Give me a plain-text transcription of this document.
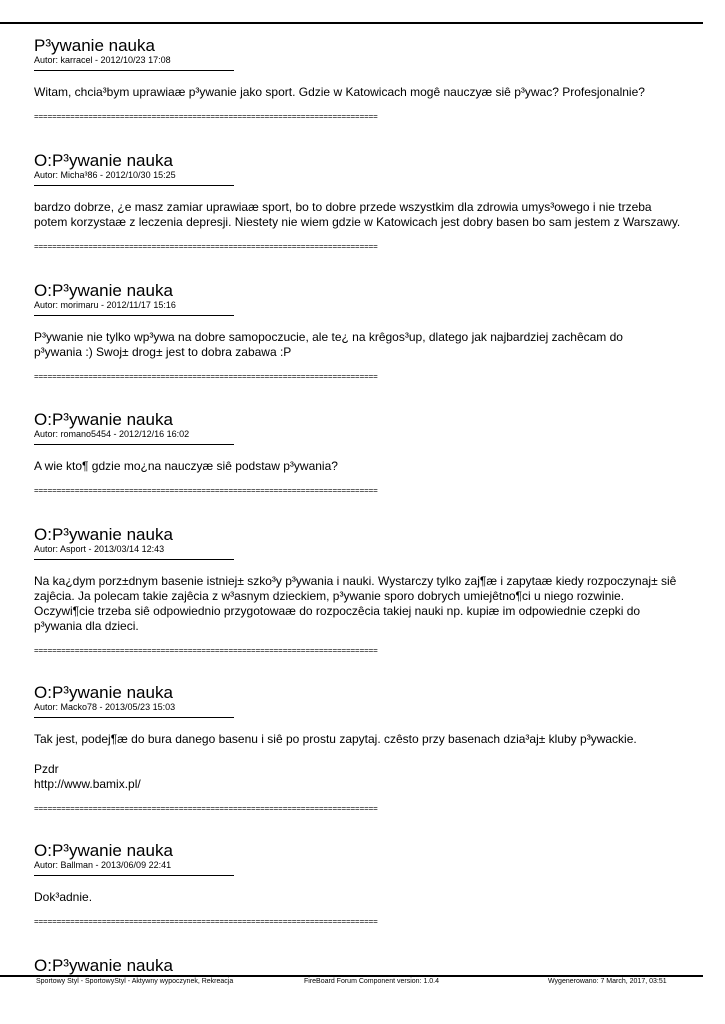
P³ywanie nauka
Autor: karracel - 2012/10/23 17:08
Witam, chcia³bym uprawiaæ p³ywanie jako sport. Gdzie w Katowicach mogê nauczyæ siê p³ywac? Profesjonalnie?
============================================================================
O:P³ywanie nauka
Autor: Micha³86 - 2012/10/30 15:25
bardzo dobrze, ¿e masz zamiar uprawiaæ sport, bo to dobre przede wszystkim dla zdrowia umys³owego i nie trzeba
potem korzystaæ z leczenia depresji. Niestety nie wiem gdzie w Katowicach jest dobry basen bo sam jestem z Warszawy.
============================================================================
O:P³ywanie nauka
Autor: morimaru - 2012/11/17 15:16
P³ywanie nie tylko wp³ywa na dobre samopoczucie, ale te¿ na krêgos³up, dlatego jak najbardziej zachêcam do
p³ywania :) Swoj± drog± jest to dobra zabawa :P
============================================================================
O:P³ywanie nauka
Autor: romano5454 - 2012/12/16 16:02
A wie kto¶ gdzie mo¿na nauczyæ siê podstaw p³ywania?
============================================================================
O:P³ywanie nauka
Autor: Asport - 2013/03/14 12:43
Na ka¿dym porz±dnym basenie istniej± szko³y p³ywania i nauki. Wystarczy tylko zaj¶æ i zapytaæ kiedy rozpoczynaj± siê
zajêcia. Ja polecam takie zajêcia z w³asnym dzieckiem, p³ywanie sporo dobrych umiejêtno¶ci u niego rozwinie.
Oczywi¶cie trzeba siê odpowiednio przygotowaæ do rozpoczêcia takiej nauki np. kupiæ im odpowiednie czepki do
p³ywania dla dzieci.
============================================================================
O:P³ywanie nauka
Autor: Macko78 - 2013/05/23 15:03
Tak jest, podej¶æ do bura danego basenu i siê po prostu zapytaj. czêsto przy basenach dzia³aj± kluby p³ywackie.

Pzdr
http://www.bamix.pl/
============================================================================
O:P³ywanie nauka
Autor: Ballman - 2013/06/09 22:41
Dok³adnie.
============================================================================
O:P³ywanie nauka
Sportowy Styl - SportowyStyl - Aktywny wypoczynek, Rekreacja	FireBoard Forum Component version: 1.0.4	Wygenerowano: 7 March, 2017, 03:51
